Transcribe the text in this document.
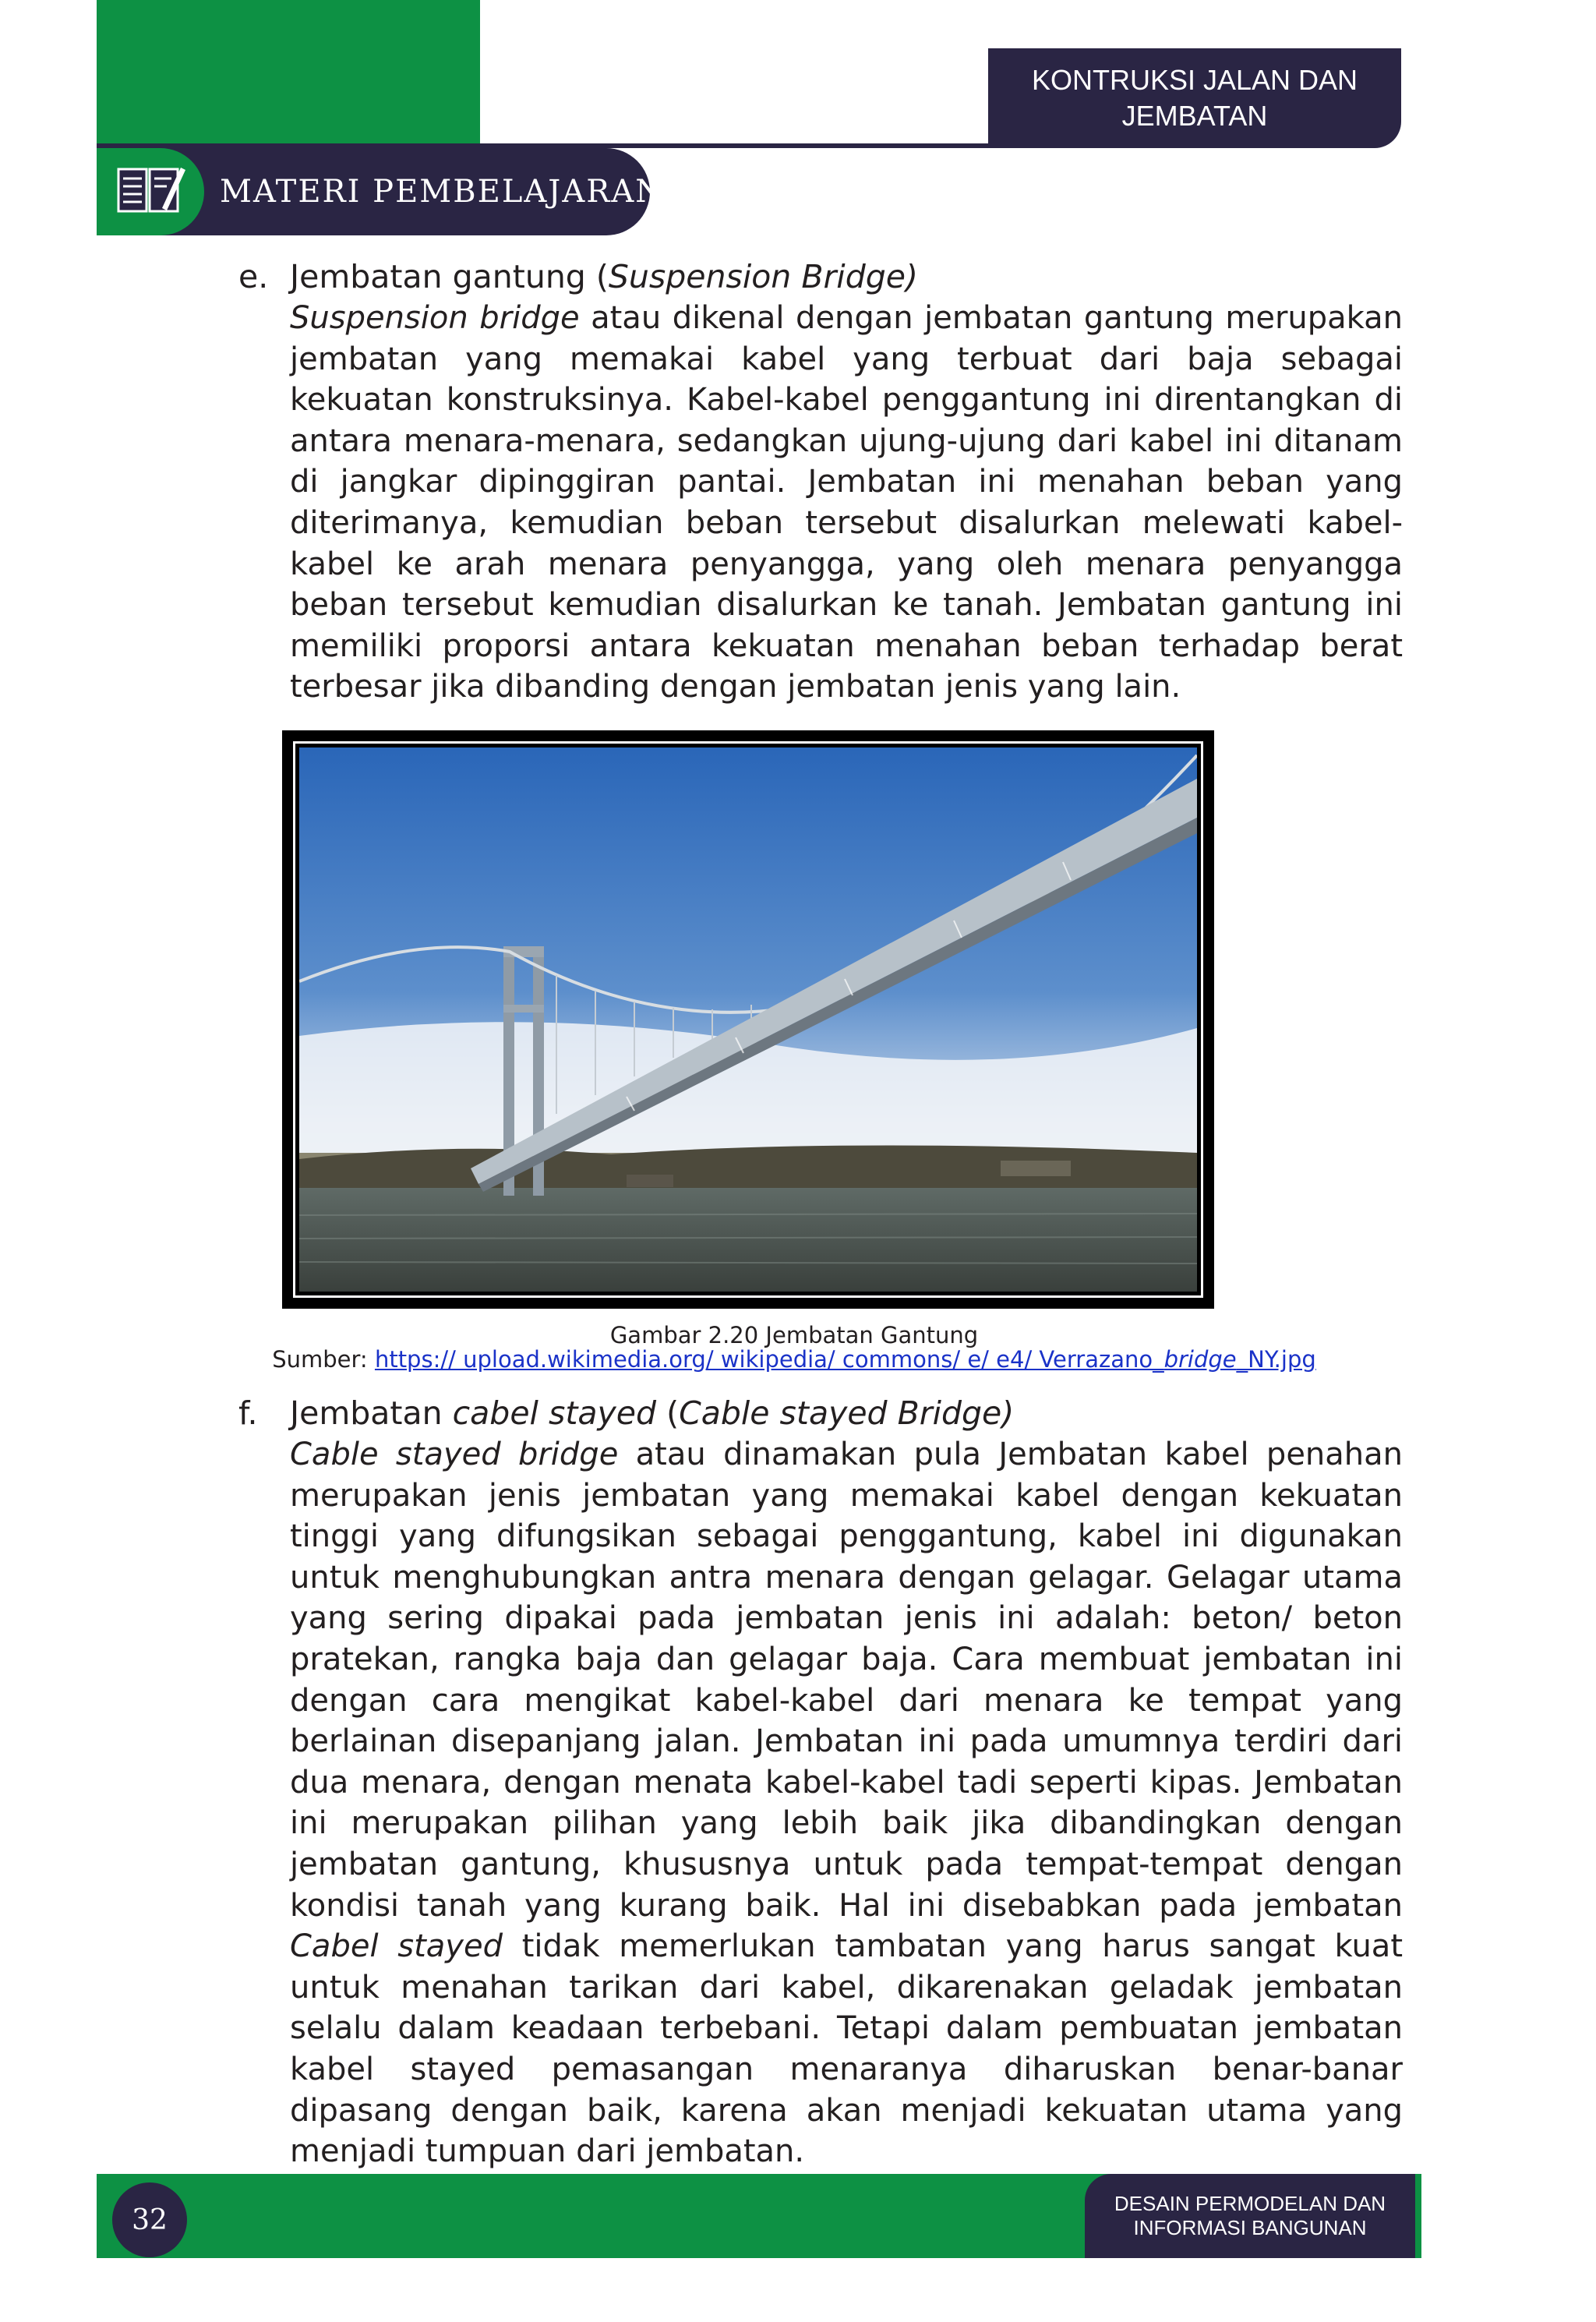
KONTRUKSI JALAN DAN
JEMBATAN
MATERI PEMBELAJARAN
e. Jembatan gantung (Suspension Bridge)
Suspension bridge atau dikenal dengan jembatan gantung merupakan jembatan yang memakai kabel yang terbuat dari baja sebagai kekuatan konstruksinya. Kabel-kabel penggantung ini direntangkan di antara menara-menara, sedangkan ujung-ujung dari kabel ini ditanam di jangkar dipinggiran pantai. Jembatan ini menahan beban yang diterimanya, kemudian beban tersebut disalurkan melewati kabel-kabel ke arah menara penyangga, yang oleh menara penyangga beban tersebut kemudian disalurkan ke tanah. Jembatan gantung ini memiliki proporsi antara kekuatan menahan beban terhadap berat terbesar jika dibanding dengan jembatan jenis yang lain.
Gambar 2.20 Jembatan Gantung
Sumber: https:// upload.wikimedia.org/ wikipedia/ commons/ e/ e4/ Verrazano_bridge_NY.jpg
f. Jembatan cabel stayed (Cable stayed Bridge)
Cable stayed bridge atau dinamakan pula Jembatan kabel penahan merupakan jenis jembatan yang memakai kabel dengan kekuatan tinggi yang difungsikan sebagai penggantung, kabel ini digunakan untuk menghubungkan antra menara dengan gelagar. Gelagar utama yang sering dipakai pada jembatan jenis ini adalah: beton/ beton pratekan, rangka baja dan gelagar baja. Cara membuat jembatan ini dengan cara mengikat kabel-kabel dari menara ke tempat yang berlainan disepanjang jalan. Jembatan ini pada umumnya terdiri dari dua menara, dengan menata kabel-kabel tadi seperti kipas. Jembatan ini merupakan pilihan yang lebih baik jika dibandingkan dengan jembatan gantung, khususnya untuk pada tempat-tempat dengan kondisi tanah yang kurang baik. Hal ini disebabkan pada jembatan Cabel stayed tidak memerlukan tambatan yang harus sangat kuat untuk menahan tarikan dari kabel, dikarenakan geladak jembatan selalu dalam keadaan terbebani. Tetapi dalam pembuatan jembatan kabel stayed pemasangan menaranya diharuskan benar-banar dipasang dengan baik, karena akan menjadi kekuatan utama yang menjadi tumpuan dari jembatan.
32
DESAIN PERMODELAN DAN
INFORMASI BANGUNAN
